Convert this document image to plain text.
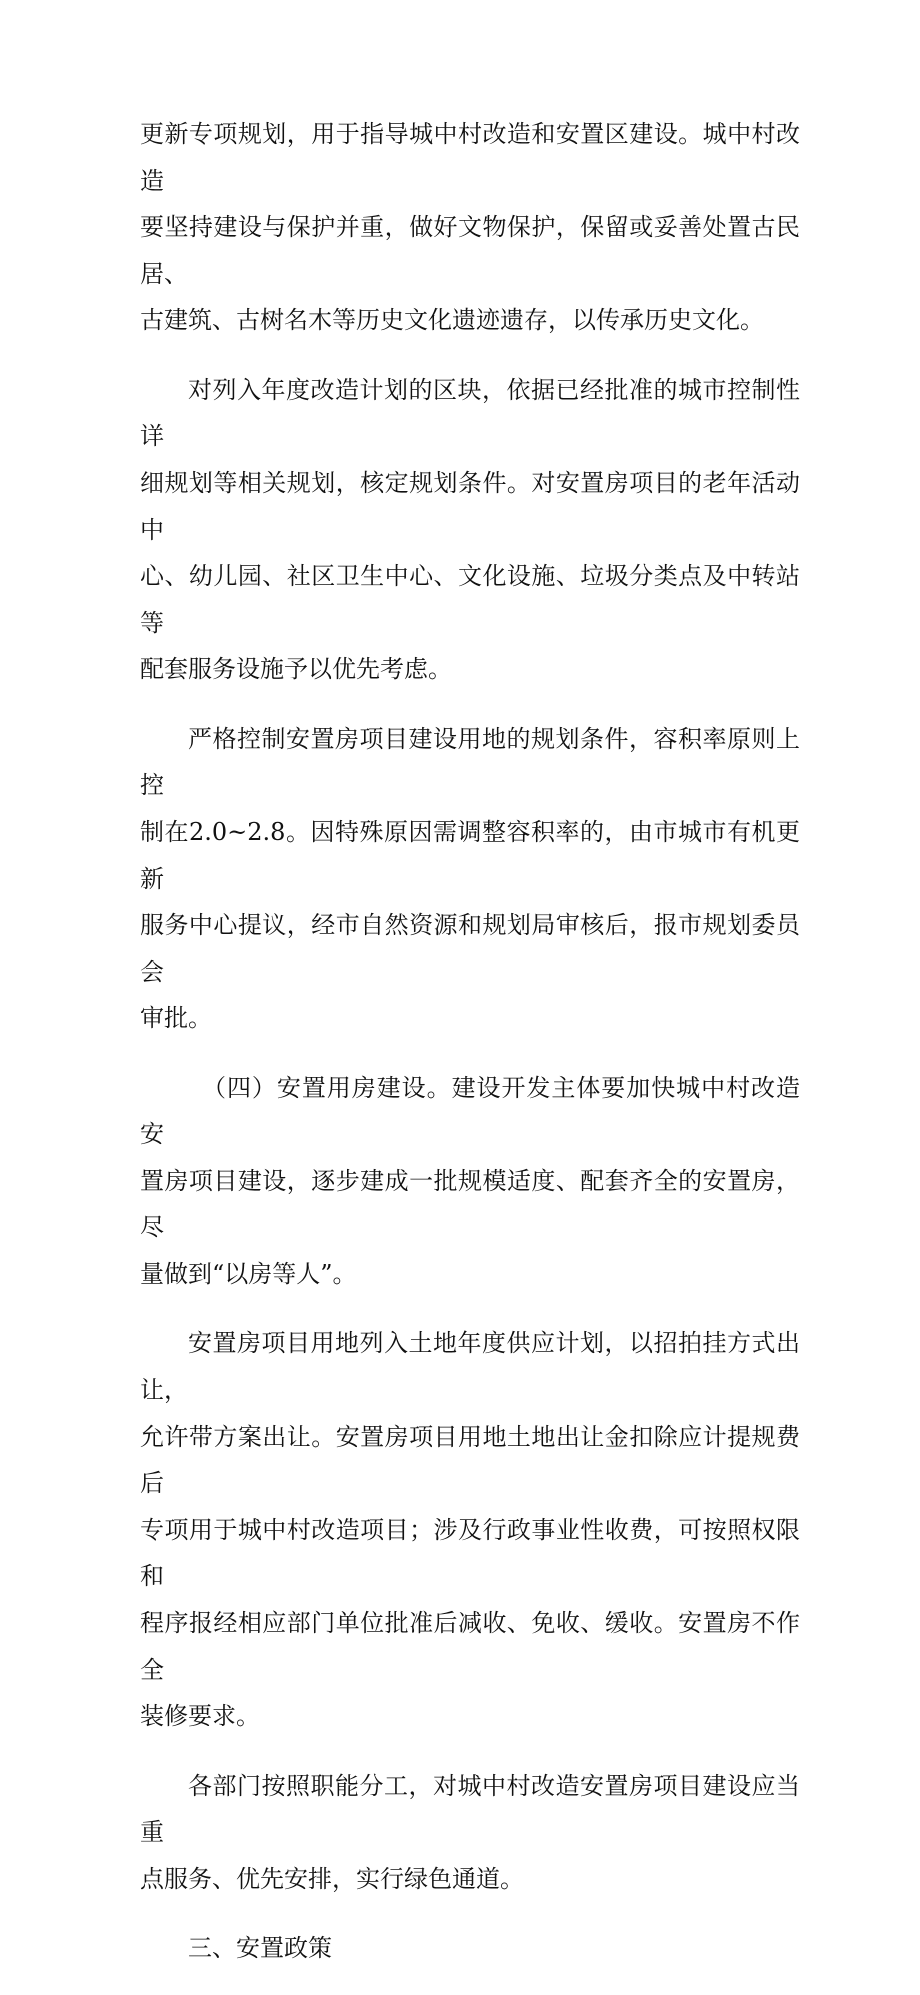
更新专项规划，用于指导城中村改造和安置区建设。城中村改造
要坚持建设与保护并重，做好文物保护，保留或妥善处置古民居、
古建筑、古树名木等历史文化遗迹遗存，以传承历史文化。

对列入年度改造计划的区块，依据已经批准的城市控制性详
细规划等相关规划，核定规划条件。对安置房项目的老年活动中
心、幼儿园、社区卫生中心、文化设施、垃圾分类点及中转站等
配套服务设施予以优先考虑。

严格控制安置房项目建设用地的规划条件，容积率原则上控
制在2.0~2.8。因特殊原因需调整容积率的，由市城市有机更新
服务中心提议，经市自然资源和规划局审核后，报市规划委员会
审批。

（四）安置用房建设。建设开发主体要加快城中村改造安
置房项目建设，逐步建成一批规模适度、配套齐全的安置房，尽
量做到“以房等人”。

安置房项目用地列入土地年度供应计划，以招拍挂方式出让，
允许带方案出让。安置房项目用地土地出让金扣除应计提规费后
专项用于城中村改造项目；涉及行政事业性收费，可按照权限和
程序报经相应部门单位批准后减收、免收、缓收。安置房不作全
装修要求。

各部门按照职能分工，对城中村改造安置房项目建设应当重
点服务、优先安排，实行绿色通道。

三、安置政策
